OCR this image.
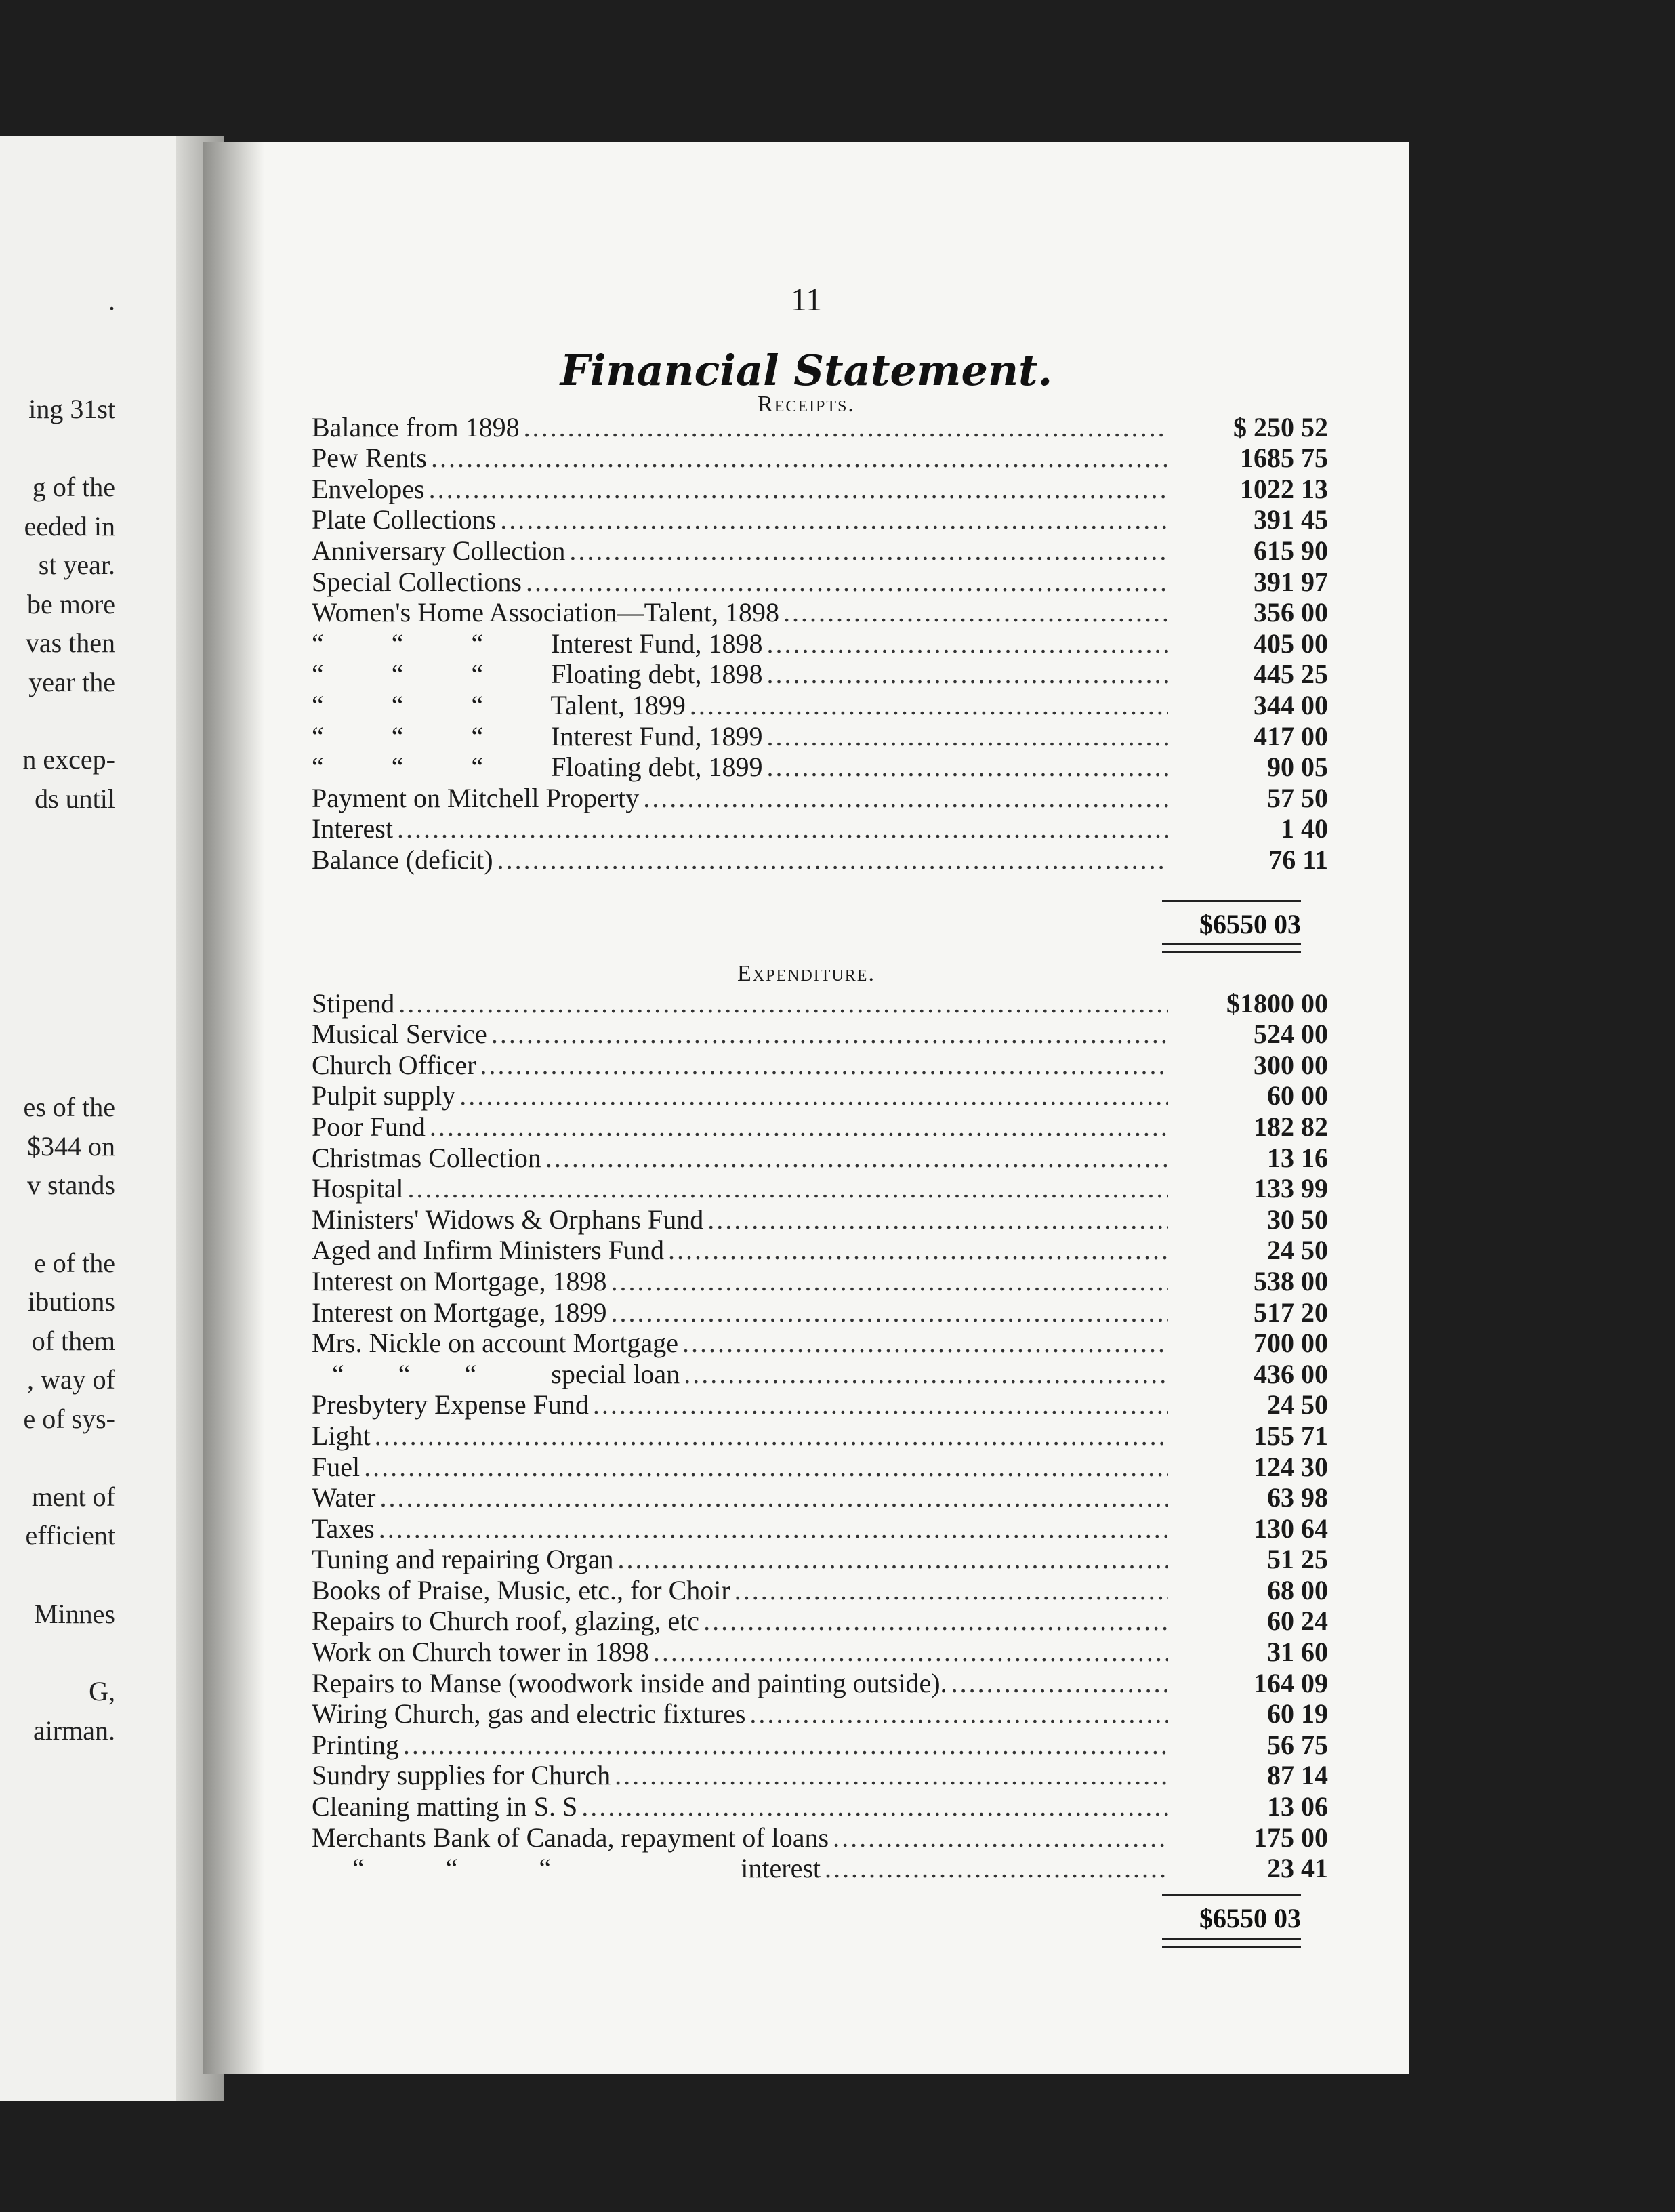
.
ing 31st
g of the
eeded in
st year.
be more
vas then
year the
n excep-
ds until
es of the
$344 on
v stands
e of the
ibutions
of them
, way of
e of sys-
ment of
efficient
Minnes
G,
airman.
11
Financial Statement.
Receipts.
Balance from 1898 .....	$ 250 52
Pew Rents .....	1685 75
Envelopes .....	1022 13
Plate Collections .....	391 45
Anniversary Collection .....	615 90
Special Collections .....	391 97
Women's Home Association—Talent, 1898 .....	356 00
“          “          “          Interest Fund, 1898 .....	405 00
“          “          “          Floating debt, 1898 .....	445 25
“          “          “          Talent, 1899 .....	344 00
“          “          “          Interest Fund, 1899 .....	417 00
“          “          “          Floating debt, 1899 .....	90 05
Payment on Mitchell Property .....	57 50
Interest .....	1 40
Balance (deficit) .....	76 11
$6550 03
Expenditure.
Stipend .....	$1800 00
Musical Service .....	524 00
Church Officer .....	300 00
Pulpit supply .....	60 00
Poor Fund .....	182 82
Christmas Collection .....	13 16
Hospital .....	133 99
Ministers' Widows & Orphans Fund .....	30 50
Aged and Infirm Ministers Fund .....	24 50
Interest on Mortgage, 1898 .....	538 00
Interest on Mortgage, 1899 .....	517 20
Mrs. Nickle on account Mortgage .....	700 00
“        “        “           special loan .....	436 00
Presbytery Expense Fund .....	24 50
Light .....	155 71
Fuel .....	124 30
Water .....	63 98
Taxes .....	130 64
Tuning and repairing Organ .....	51 25
Books of Praise, Music, etc., for Choir .....	68 00
Repairs to Church roof, glazing, etc .....	60 24
Work on Church tower in 1898 .....	31 60
Repairs to Manse (woodwork inside and painting outside). .....	164 09
Wiring Church, gas and electric fixtures .....	60 19
Printing .....	56 75
Sundry supplies for Church .....	87 14
Cleaning matting in S. S .....	13 06
Merchants Bank of Canada, repayment of loans .....	175 00
“            “            “                            interest .....	23 41
$6550 03
